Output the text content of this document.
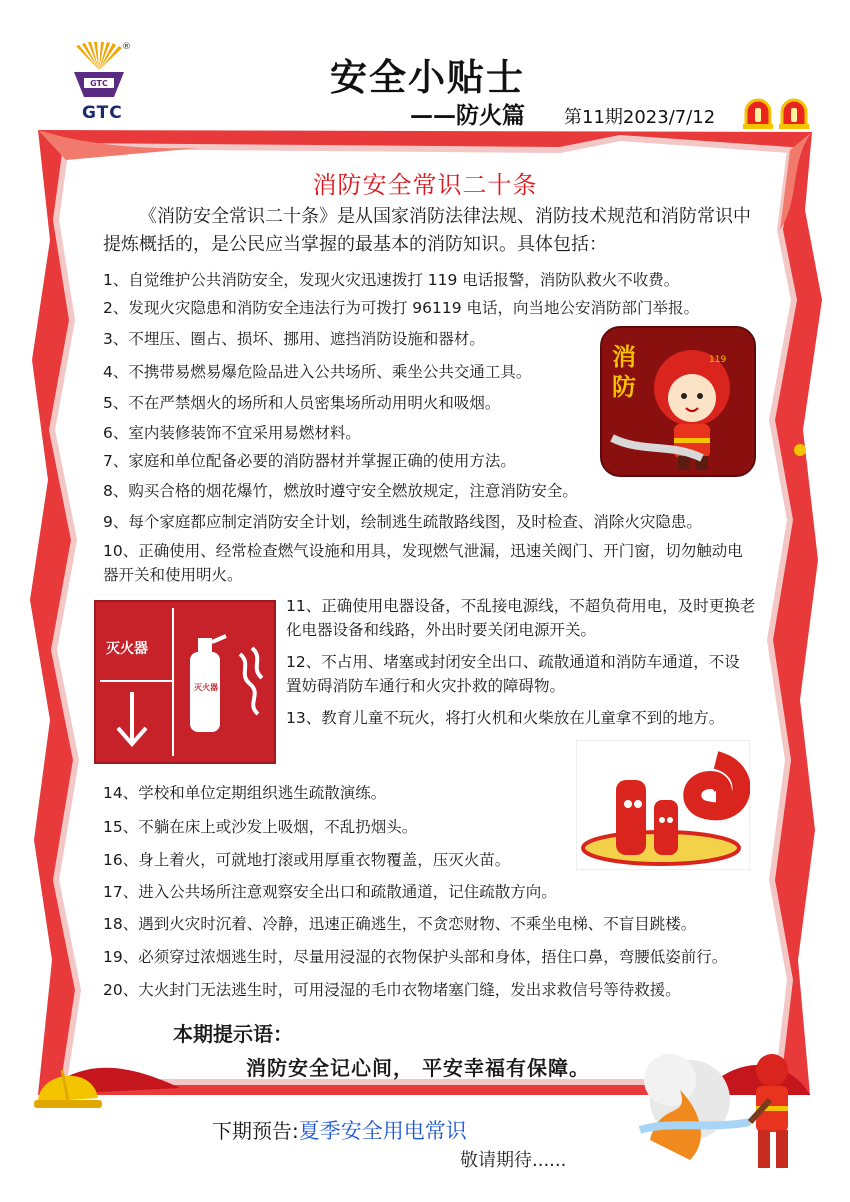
GTC
®
GTC
安全小贴士
——防火篇 第11期2023/7/12
消防安全常识二十条
《消防安全常识二十条》是从国家消防法律法规、消防技术规范和消防常识中提炼概括的，是公民应当掌握的最基本的消防知识。具体包括：
1、自觉维护公共消防安全，发现火灾迅速拨打 119 电话报警，消防队救火不收费。
2、发现火灾隐患和消防安全违法行为可拨打 96119 电话，向当地公安消防部门举报。
3、不埋压、圈占、损坏、挪用、遮挡消防设施和器材。
4、不携带易燃易爆危险品进入公共场所、乘坐公共交通工具。
5、不在严禁烟火的场所和人员密集场所动用明火和吸烟。
6、室内装修装饰不宜采用易燃材料。
7、家庭和单位配备必要的消防器材并掌握正确的使用方法。
8、购买合格的烟花爆竹，燃放时遵守安全燃放规定，注意消防安全。
9、每个家庭都应制定消防安全计划，绘制逃生疏散路线图，及时检查、消除火灾隐患。
10、正确使用、经常检查燃气设施和用具，发现燃气泄漏，迅速关阀门、开门窗，切勿触动电器开关和使用明火。
11、正确使用电器设备，不乱接电源线，不超负荷用电，及时更换老化电器设备和线路，外出时要关闭电源开关。
12、不占用、堵塞或封闭安全出口、疏散通道和消防车通道，不设置妨碍消防车通行和火灾扑救的障碍物。
13、教育儿童不玩火，将打火机和火柴放在儿童拿不到的地方。
14、学校和单位定期组织逃生疏散演练。
15、不躺在床上或沙发上吸烟，不乱扔烟头。
16、身上着火，可就地打滚或用厚重衣物覆盖，压灭火苗。
17、进入公共场所注意观察安全出口和疏散通道，记住疏散方向。
18、遇到火灾时沉着、冷静，迅速正确逃生，不贪恋财物、不乘坐电梯、不盲目跳楼。
19、必须穿过浓烟逃生时，尽量用浸湿的衣物保护头部和身体，捂住口鼻，弯腰低姿前行。
20、大火封门无法逃生时，可用浸湿的毛巾衣物堵塞门缝，发出求救信号等待救援。
119
消防
灭火器
灭火器
本期提示语：
消防安全记心间， 平安幸福有保障。
下期预告:夏季安全用电常识
敬请期待......
